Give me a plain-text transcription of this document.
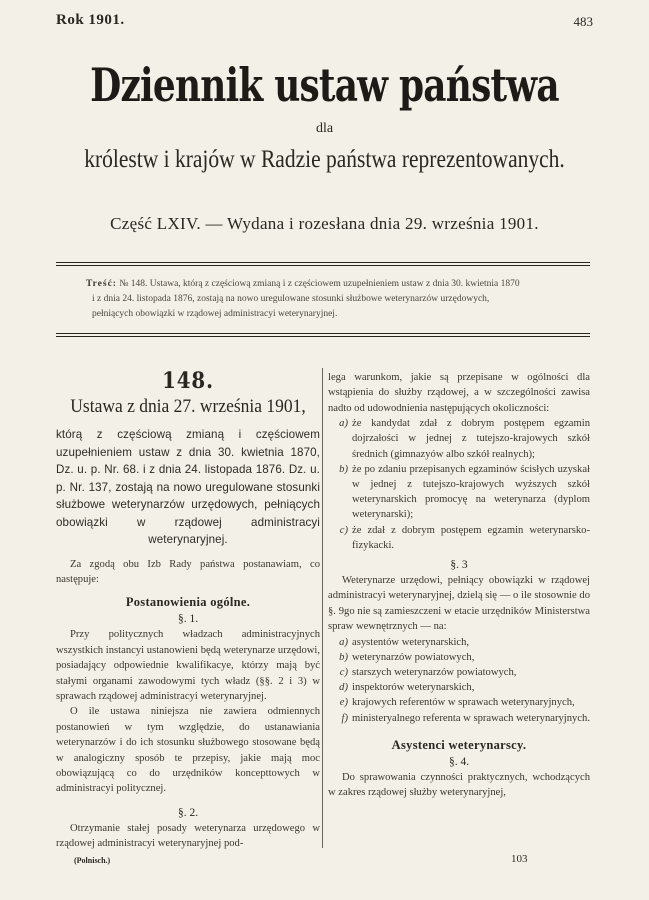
Rok 1901.	483
Dziennik ustaw państwa
dla
królestw i krajów w Radzie państwa reprezentowanych.
Część LXIV. — Wydana i rozesłana dnia 29. września 1901.
Treść: № 148. Ustawa, którą z częściową zmianą i z częściowem uzupełnieniem ustaw z dnia 30. kwietnia 1870
i z dnia 24. listopada 1876, zostają na nowo uregulowane stosunki służbowe weterynarzów urzędowych,
pełniących obowiązki w rządowej administracyi weterynaryjnej.
148.
Ustawa z dnia 27. września 1901,
którą z częściową zmianą i częściowem uzupełnieniem ustaw z dnia 30. kwietnia 1870, Dz. u. p. Nr. 68. i z dnia 24. listopada 1876. Dz. u. p. Nr. 137, zostają na nowo uregulowane stosunki służbowe weterynarzów urzędowych, pełniących obowiązki w rządowej administracyi weterynaryjnej.
Za zgodą obu Izb Rady państwa postanawiam, co następuje:
Postanowienia ogólne.
§. 1.
Przy politycznych władzach administracyjnych wszystkich instancyi ustanowieni będą weterynarze urzędowi, posiadający odpowiednie kwalifikacye, którzy mają być stałymi organami zawodowymi tych władz (§§. 2 i 3) w sprawach rządowej administracyi weterynaryjnej.
O ile ustawa niniejsza nie zawiera odmiennych postanowień w tym względzie, do ustanawiania weterynarzów i do ich stosunku służbowego stosowane będą w analogiczny sposób te przepisy, jakie mają moc obowiązującą co do urzędników koncepttowych w administracyi politycznej.
§. 2.
Otrzymanie stałej posady weterynarza urzędowego w rządowej administracyi weterynaryjnej pod-
lega warunkom, jakie są przepisane w ogólności dla wstąpienia do służby rządowej, a w szczególności zawisa nadto od udowodnienia następujących okoliczności:
a) że kandydat zdał z dobrym postępem egzamin dojrzałości w jednej z tutejszo-krajowych szkół średnich (gimnazyów albo szkół realnych);
b) że po zdaniu przepisanych egzaminów ścisłych uzyskał w jednej z tutejszo-krajowych wyższych szkół weterynarskich promocyę na weterynarza (dyplom weterynarski);
c) że zdał z dobrym postępem egzamin weterynarsko-fizykacki.
§. 3
Weterynarze urzędowi, pełniący obowiązki w rządowej administracyi weterynaryjnej, dzielą się — o ile stosownie do §. 9go nie są zamieszczeni w etacie urzędników Ministerstwa spraw wewnętrznych — na:
a) asystentów weterynarskich,
b) weterynarzów powiatowych,
c) starszych weterynarzów powiatowych,
d) inspektorów weterynarskich,
e) krajowych referentów w sprawach weterynaryjnych,
f) ministeryalnego referenta w sprawach weterynaryjnych.
Asystenci weterynarscy.
§. 4.
Do sprawowania czynności praktycznych, wchodzących w zakres rządowej służby weterynaryjnej,
(Polnisch.)	103
